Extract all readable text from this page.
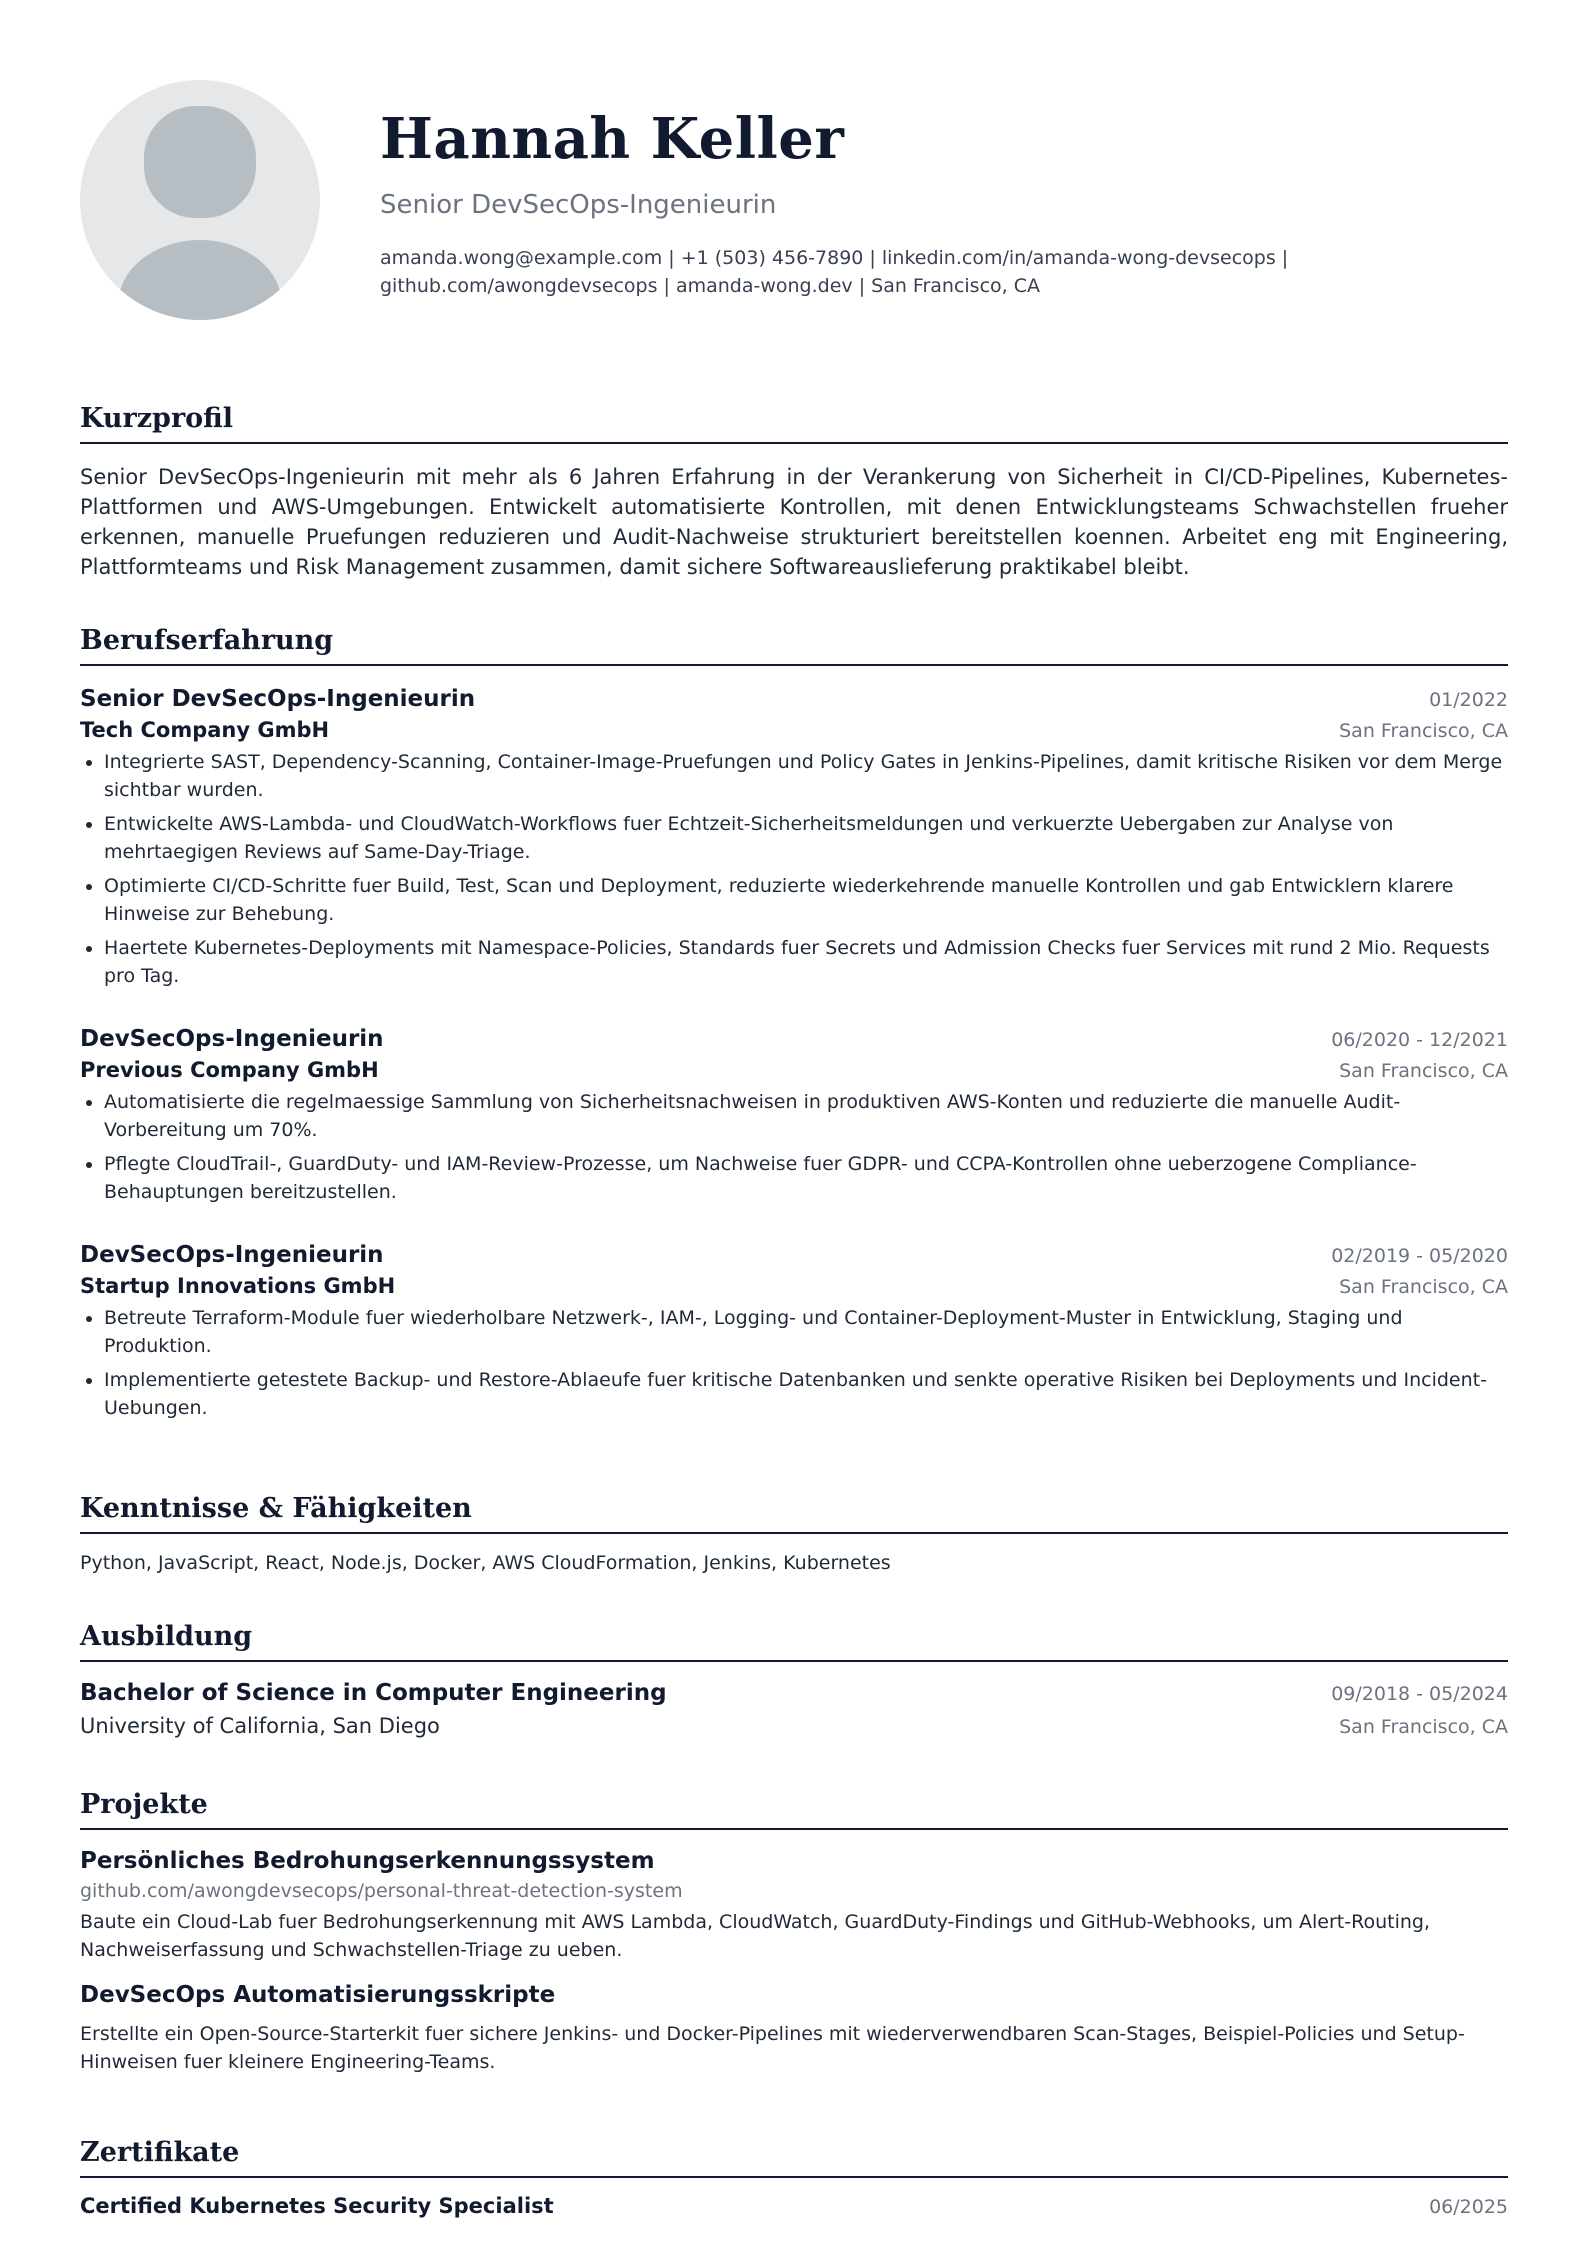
Hannah Keller
Senior DevSecOps-Ingenieurin
amanda.wong@example.com | +1 (503) 456-7890 | linkedin.com/in/amanda-wong-devsecops |
github.com/awongdevsecops | amanda-wong.dev | San Francisco, CA
Kurzprofil
Senior DevSecOps-Ingenieurin mit mehr als 6 Jahren Erfahrung in der Verankerung von Sicherheit in CI/CD-Pipelines, Kubernetes-Plattformen und AWS-Umgebungen. Entwickelt automatisierte Kontrollen, mit denen Entwicklungsteams Schwachstellen frueher erkennen, manuelle Pruefungen reduzieren und Audit-Nachweise strukturiert bereitstellen koennen. Arbeitet eng mit Engineering, Plattformteams und Risk Management zusammen, damit sichere Softwareauslieferung praktikabel bleibt.
Berufserfahrung
Senior DevSecOps-Ingenieurin	01/2022
Tech Company GmbH	San Francisco, CA
• Integrierte SAST, Dependency-Scanning, Container-Image-Pruefungen und Policy Gates in Jenkins-Pipelines, damit kritische Risiken vor dem Merge sichtbar wurden.
• Entwickelte AWS-Lambda- und CloudWatch-Workflows fuer Echtzeit-Sicherheitsmeldungen und verkuerzte Uebergaben zur Analyse von mehrtaegigen Reviews auf Same-Day-Triage.
• Optimierte CI/CD-Schritte fuer Build, Test, Scan und Deployment, reduzierte wiederkehrende manuelle Kontrollen und gab Entwicklern klarere Hinweise zur Behebung.
• Haertete Kubernetes-Deployments mit Namespace-Policies, Standards fuer Secrets und Admission Checks fuer Services mit rund 2 Mio. Requests pro Tag.
DevSecOps-Ingenieurin	06/2020 - 12/2021
Previous Company GmbH	San Francisco, CA
• Automatisierte die regelmaessige Sammlung von Sicherheitsnachweisen in produktiven AWS-Konten und reduzierte die manuelle Audit-Vorbereitung um 70%.
• Pflegte CloudTrail-, GuardDuty- und IAM-Review-Prozesse, um Nachweise fuer GDPR- und CCPA-Kontrollen ohne ueberzogene Compliance-Behauptungen bereitzustellen.
DevSecOps-Ingenieurin	02/2019 - 05/2020
Startup Innovations GmbH	San Francisco, CA
• Betreute Terraform-Module fuer wiederholbare Netzwerk-, IAM-, Logging- und Container-Deployment-Muster in Entwicklung, Staging und Produktion.
• Implementierte getestete Backup- und Restore-Ablaeufe fuer kritische Datenbanken und senkte operative Risiken bei Deployments und Incident-Uebungen.
Kenntnisse & Fähigkeiten
Python, JavaScript, React, Node.js, Docker, AWS CloudFormation, Jenkins, Kubernetes
Ausbildung
Bachelor of Science in Computer Engineering	09/2018 - 05/2024
University of California, San Diego	San Francisco, CA
Projekte
Persönliches Bedrohungserkennungssystem
github.com/awongdevsecops/personal-threat-detection-system
Baute ein Cloud-Lab fuer Bedrohungserkennung mit AWS Lambda, CloudWatch, GuardDuty-Findings und GitHub-Webhooks, um Alert-Routing, Nachweiserfassung und Schwachstellen-Triage zu ueben.
DevSecOps Automatisierungsskripte
Erstellte ein Open-Source-Starterkit fuer sichere Jenkins- und Docker-Pipelines mit wiederverwendbaren Scan-Stages, Beispiel-Policies und Setup-Hinweisen fuer kleinere Engineering-Teams.
Zertifikate
Certified Kubernetes Security Specialist	06/2025
